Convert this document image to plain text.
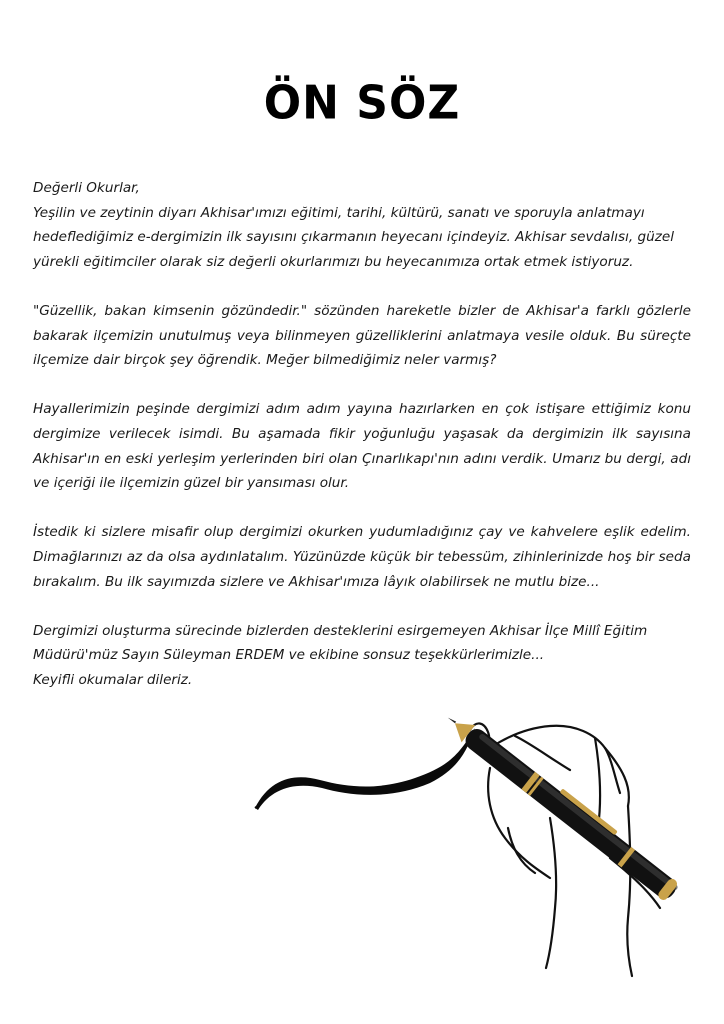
ÖN SÖZ

Değerli Okurlar,
Yeşilin ve zeytinin diyarı Akhisar'ımızı eğitimi, tarihi, kültürü, sanatı ve sporuyla anlatmayı hedeflediğimiz e-dergimizin ilk sayısını çıkarmanın heyecanı içindeyiz. Akhisar sevdalısı, güzel yürekli eğitimciler olarak siz değerli okurlarımızı bu heyecanımıza ortak etmek istiyoruz.

"Güzellik, bakan kimsenin gözündedir." sözünden hareketle bizler de Akhisar'a farklı gözlerle bakarak ilçemizin unutulmuş veya bilinmeyen güzelliklerini anlatmaya vesile olduk. Bu süreçte ilçemize dair birçok şey öğrendik. Meğer bilmediğimiz neler varmış?

Hayallerimizin peşinde dergimizi adım adım yayına hazırlarken en çok istişare ettiğimiz konu dergimize verilecek isimdi. Bu aşamada fikir yoğunluğu yaşasak da dergimizin ilk sayısına Akhisar'ın en eski yerleşim yerlerinden biri olan Çınarlıkapı'nın adını verdik. Umarız bu dergi, adı ve içeriği ile ilçemizin güzel bir yansıması olur.

İstedik ki sizlere misafir olup dergimizi okurken yudumladığınız çay ve kahvelere eşlik edelim. Dimağlarınızı az da olsa aydınlatalım. Yüzünüzde küçük bir tebessüm, zihinlerinizde hoş bir seda bırakalım. Bu ilk sayımızda sizlere ve Akhisar'ımıza lâyık olabilirsek ne mutlu bize...

Dergimizi oluşturma sürecinde bizlerden desteklerini esirgemeyen Akhisar İlçe Millî Eğitim Müdürü'müz Sayın Süleyman ERDEM ve ekibine sonsuz teşekkürlerimizle...
Keyifli okumalar dileriz.
